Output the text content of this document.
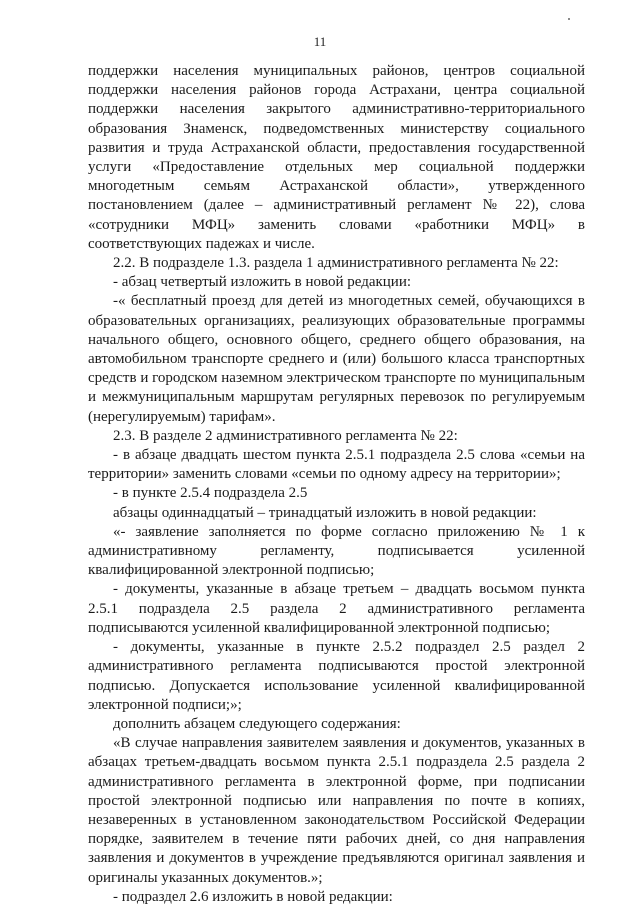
11

поддержки населения муниципальных районов, центров социальной поддержки населения районов города Астрахани, центра социальной поддержки населения закрытого административно-территориального образования Знаменск, подведомственных министерству социального развития и труда Астраханской области, предоставления государственной услуги «Предоставление отдельных мер социальной поддержки многодетным семьям Астраханской области», утвержденного постановлением (далее – административный регламент № 22), слова «сотрудники МФЦ» заменить словами «работники МФЦ» в соответствующих падежах и числе.

2.2. В подразделе 1.3. раздела 1 административного регламента № 22:

- абзац четвертый изложить в новой редакции:

-« бесплатный проезд для детей из многодетных семей, обучающихся в образовательных организациях, реализующих образовательные программы начального общего, основного общего, среднего общего образования, на автомобильном транспорте среднего и (или) большого класса транспортных средств и городском наземном электрическом транспорте по муниципальным и межмуниципальным маршрутам регулярных перевозок по регулируемым (нерегулируемым) тарифам».

2.3. В разделе 2 административного регламента № 22:

- в абзаце двадцать шестом пункта 2.5.1 подраздела 2.5 слова «семьи на территории» заменить словами «семьи по одному адресу на территории»;

- в пункте 2.5.4 подраздела 2.5

абзацы одиннадцатый – тринадцатый изложить в новой редакции:

«- заявление заполняется по форме согласно приложению № 1 к административному регламенту, подписывается усиленной квалифицированной электронной подписью;

- документы, указанные в абзаце третьем – двадцать восьмом пункта 2.5.1 подраздела 2.5 раздела 2 административного регламента подписываются усиленной квалифицированной электронной подписью;

- документы, указанные в пункте 2.5.2 подраздел 2.5 раздел 2 административного регламента подписываются простой электронной подписью. Допускается использование усиленной квалифицированной электронной подписи;»;

дополнить абзацем следующего содержания:

«В случае направления заявителем заявления и документов, указанных в абзацах третьем-двадцать восьмом пункта 2.5.1 подраздела 2.5 раздела 2 административного регламента в электронной форме, при подписании простой электронной подписью или направления по почте в копиях, незаверенных в установленном законодательством Российской Федерации порядке, заявителем в течение пяти рабочих дней, со дня направления заявления и документов в учреждение предъявляются оригинал заявления и оригиналы указанных документов.»;

- подраздел 2.6 изложить в новой редакции:
